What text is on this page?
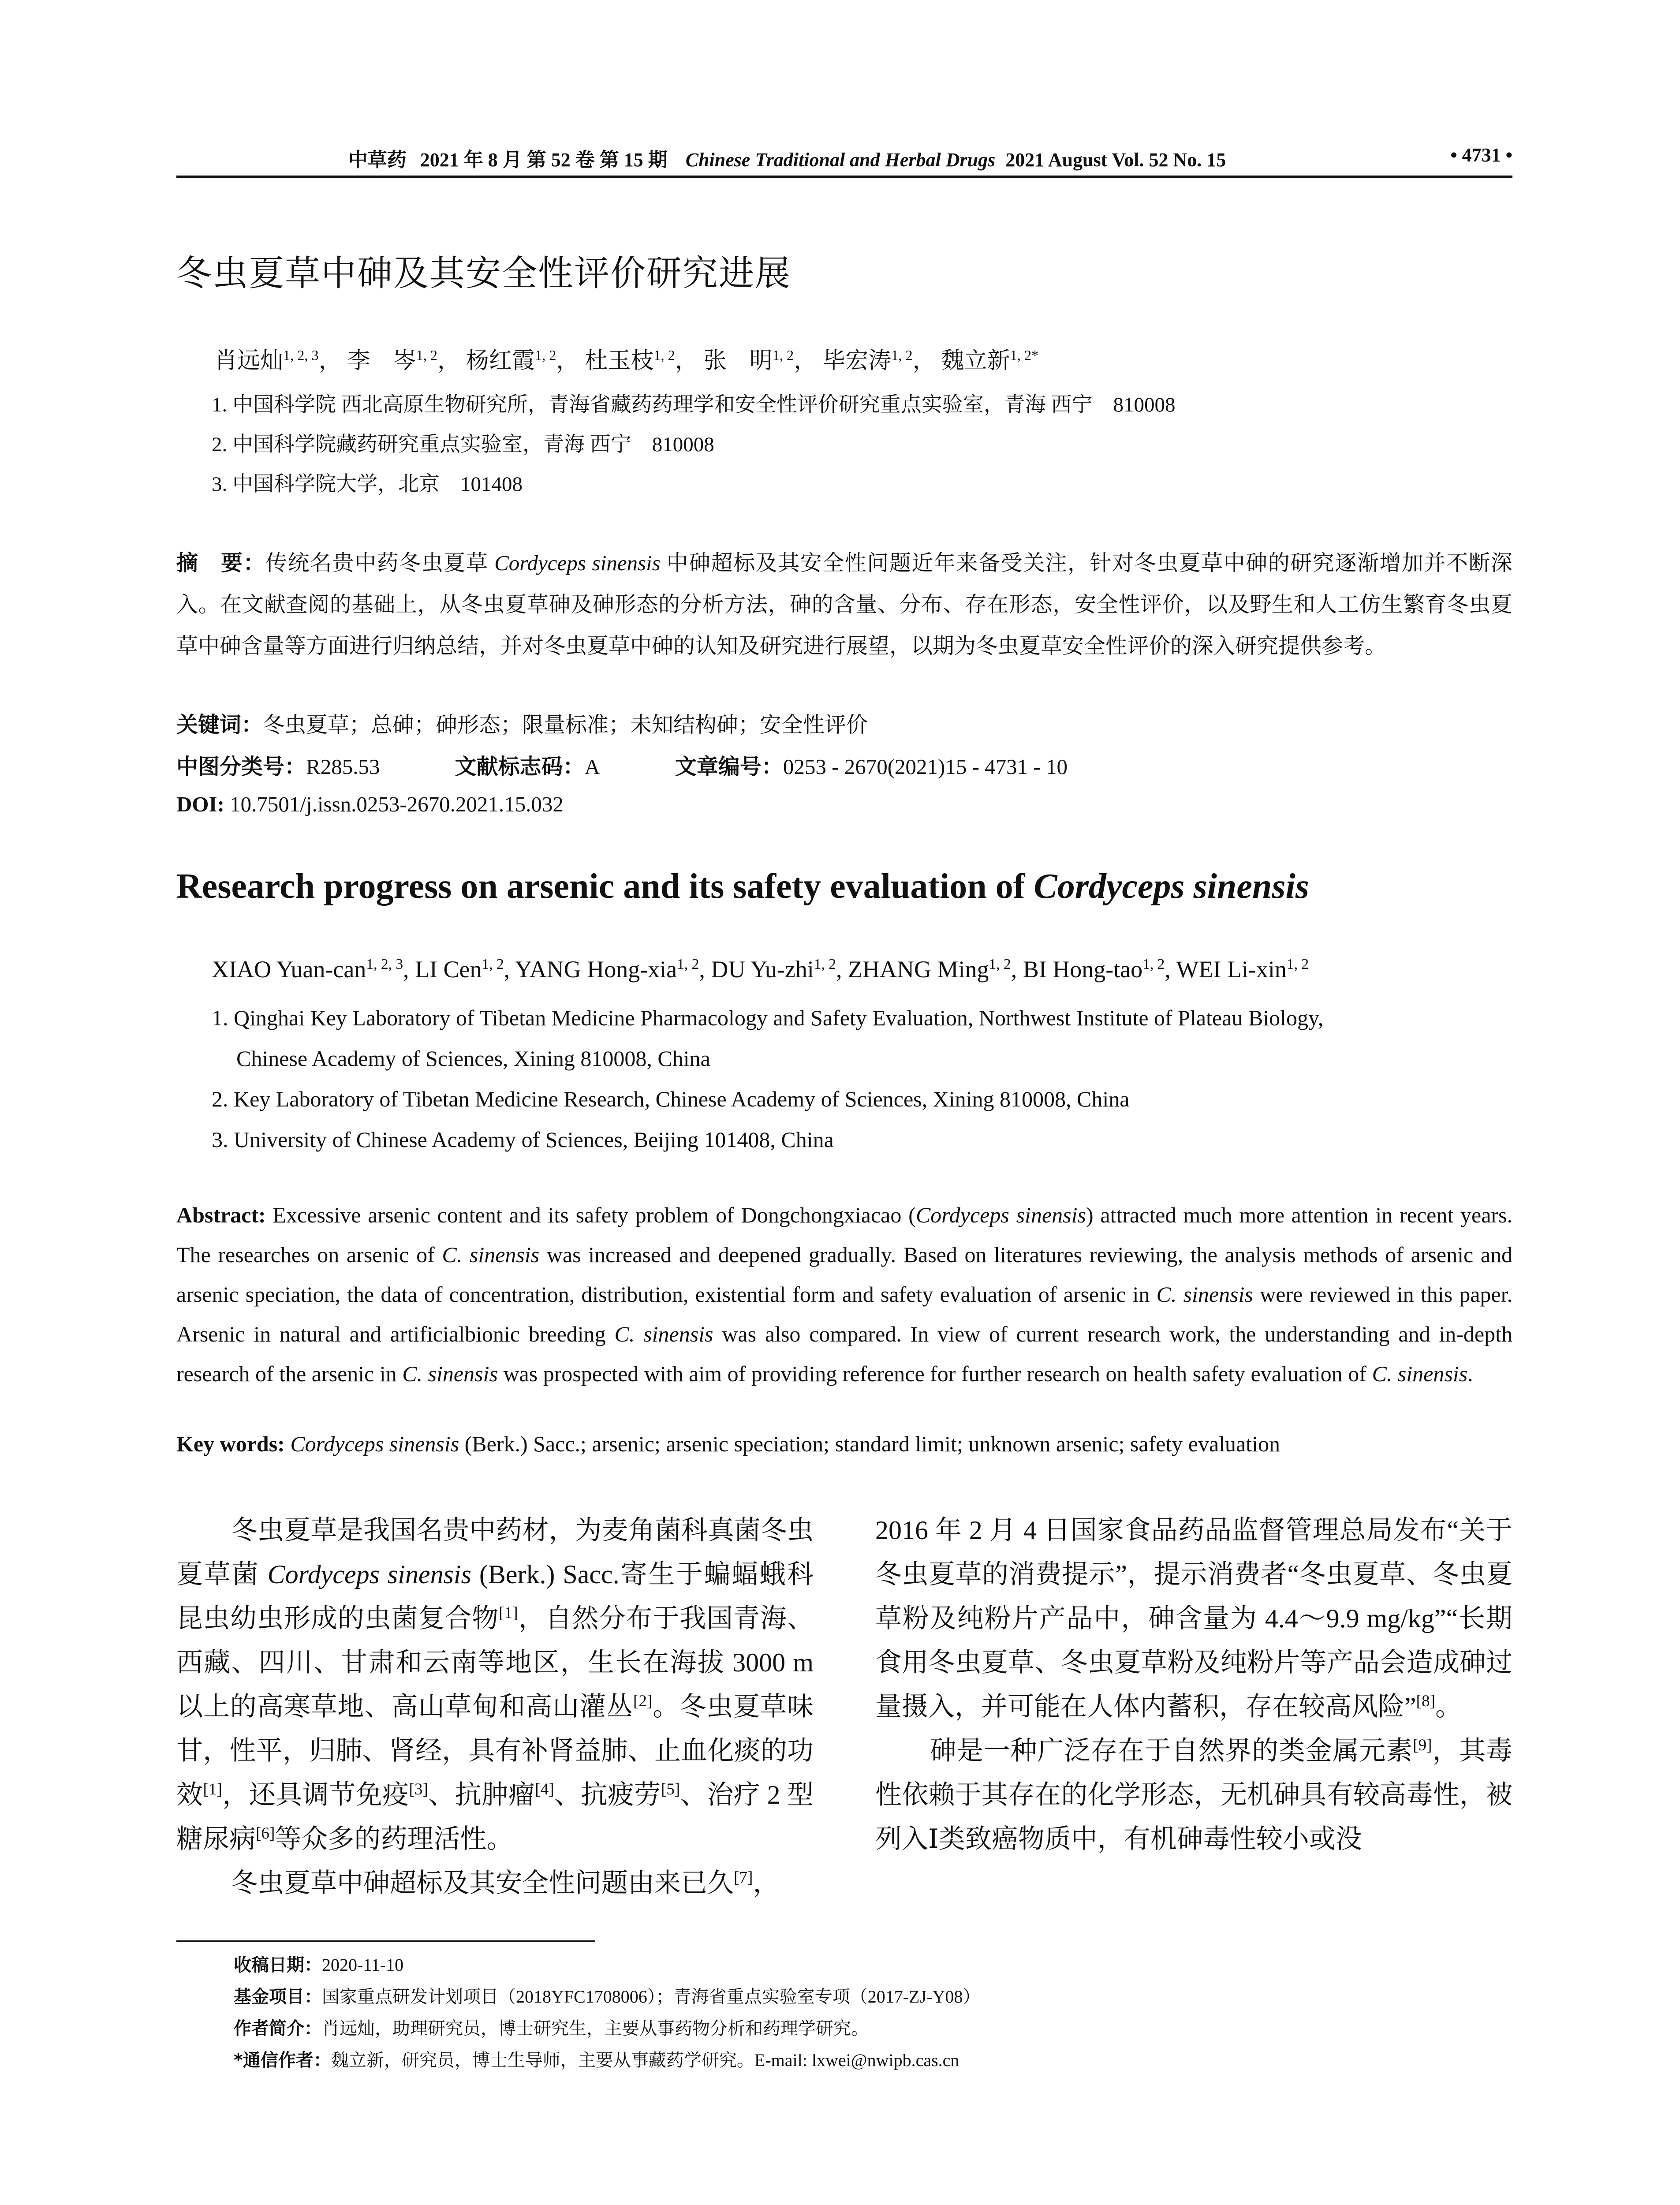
中草药 2021 年 8 月 第 52 卷 第 15 期 Chinese Traditional and Herbal Drugs 2021 August Vol. 52 No. 15	• 4731 •
冬虫夏草中砷及其安全性评价研究进展
肖远灿$^{1, 2, 3}$， 李　岑$^{1, 2}$， 杨红霞$^{1, 2}$， 杜玉枝$^{1, 2}$， 张　明$^{1, 2}$， 毕宏涛$^{1, 2}$， 魏立新$^{1, 2*}$
1. 中国科学院 西北高原生物研究所，青海省藏药药理学和安全性评价研究重点实验室，青海 西宁　810008
2. 中国科学院藏药研究重点实验室，青海 西宁　810008
3. 中国科学院大学，北京　101408
摘　要：传统名贵中药冬虫夏草 Cordyceps sinensis 中砷超标及其安全性问题近年来备受关注，针对冬虫夏草中砷的研究逐渐增加并不断深入。在文献查阅的基础上，从冬虫夏草砷及砷形态的分析方法，砷的含量、分布、存在形态，安全性评价，以及野生和人工仿生繁育冬虫夏草中砷含量等方面进行归纳总结，并对冬虫夏草中砷的认知及研究进行展望，以期为冬虫夏草安全性评价的深入研究提供参考。
关键词：冬虫夏草；总砷；砷形态；限量标准；未知结构砷；安全性评价
中图分类号：R285.53	文献标志码：A	文章编号：0253 - 2670(2021)15 - 4731 - 10
DOI: 10.7501/j.issn.0253-2670.2021.15.032
Research progress on arsenic and its safety evaluation of Cordyceps sinensis
XIAO Yuan-can$^{1, 2, 3}$, LI Cen$^{1, 2}$, YANG Hong-xia$^{1, 2}$, DU Yu-zhi$^{1, 2}$, ZHANG Ming$^{1, 2}$, BI Hong-tao$^{1, 2}$, WEI Li-xin$^{1, 2}$
1. Qinghai Key Laboratory of Tibetan Medicine Pharmacology and Safety Evaluation, Northwest Institute of Plateau Biology,
Chinese Academy of Sciences, Xining 810008, China
2. Key Laboratory of Tibetan Medicine Research, Chinese Academy of Sciences, Xining 810008, China
3. University of Chinese Academy of Sciences, Beijing 101408, China
Abstract: Excessive arsenic content and its safety problem of Dongchongxiacao (Cordyceps sinensis) attracted much more attention in recent years. The researches on arsenic of C. sinensis was increased and deepened gradually. Based on literatures reviewing, the analysis methods of arsenic and arsenic speciation, the data of concentration, distribution, existential form and safety evaluation of arsenic in C. sinensis were reviewed in this paper. Arsenic in natural and artificialbionic breeding C. sinensis was also compared. In view of current research work, the understanding and in-depth research of the arsenic in C. sinensis was prospected with aim of providing reference for further research on health safety evaluation of C. sinensis.
Key words: Cordyceps sinensis (Berk.) Sacc.; arsenic; arsenic speciation; standard limit; unknown arsenic; safety evaluation

冬虫夏草是我国名贵中药材，为麦角菌科真菌冬虫夏草菌 Cordyceps sinensis (Berk.) Sacc.寄生于蝙蝠蛾科昆虫幼虫形成的虫菌复合物[1]，自然分布于我国青海、西藏、四川、甘肃和云南等地区，生长在海拔 3000 m 以上的高寒草地、高山草甸和高山灌丛[2]。冬虫夏草味甘，性平，归肺、肾经，具有补肾益肺、止血化痰的功效[1]，还具调节免疫[3]、抗肿瘤[4]、抗疲劳[5]、治疗 2 型糖尿病[6]等众多的药理活性。

冬虫夏草中砷超标及其安全性问题由来已久[7]，

2016 年 2 月 4 日国家食品药品监督管理总局发布“关于冬虫夏草的消费提示”，提示消费者“冬虫夏草、冬虫夏草粉及纯粉片产品中，砷含量为 4.4～9.9 mg/kg”“长期食用冬虫夏草、冬虫夏草粉及纯粉片等产品会造成砷过量摄入，并可能在人体内蓄积，存在较高风险”[8]。

砷是一种广泛存在于自然界的类金属元素[9]，其毒性依赖于其存在的化学形态，无机砷具有较高毒性，被列入Ⅰ类致癌物质中，有机砷毒性较小或没

收稿日期：2020-11-10
基金项目：国家重点研发计划项目（2018YFC1708006）；青海省重点实验室专项（2017-ZJ-Y08）
作者简介：肖远灿，助理研究员，博士研究生，主要从事药物分析和药理学研究。
*通信作者：魏立新，研究员，博士生导师，主要从事藏药学研究。E-mail: lxwei@nwipb.cas.cn
